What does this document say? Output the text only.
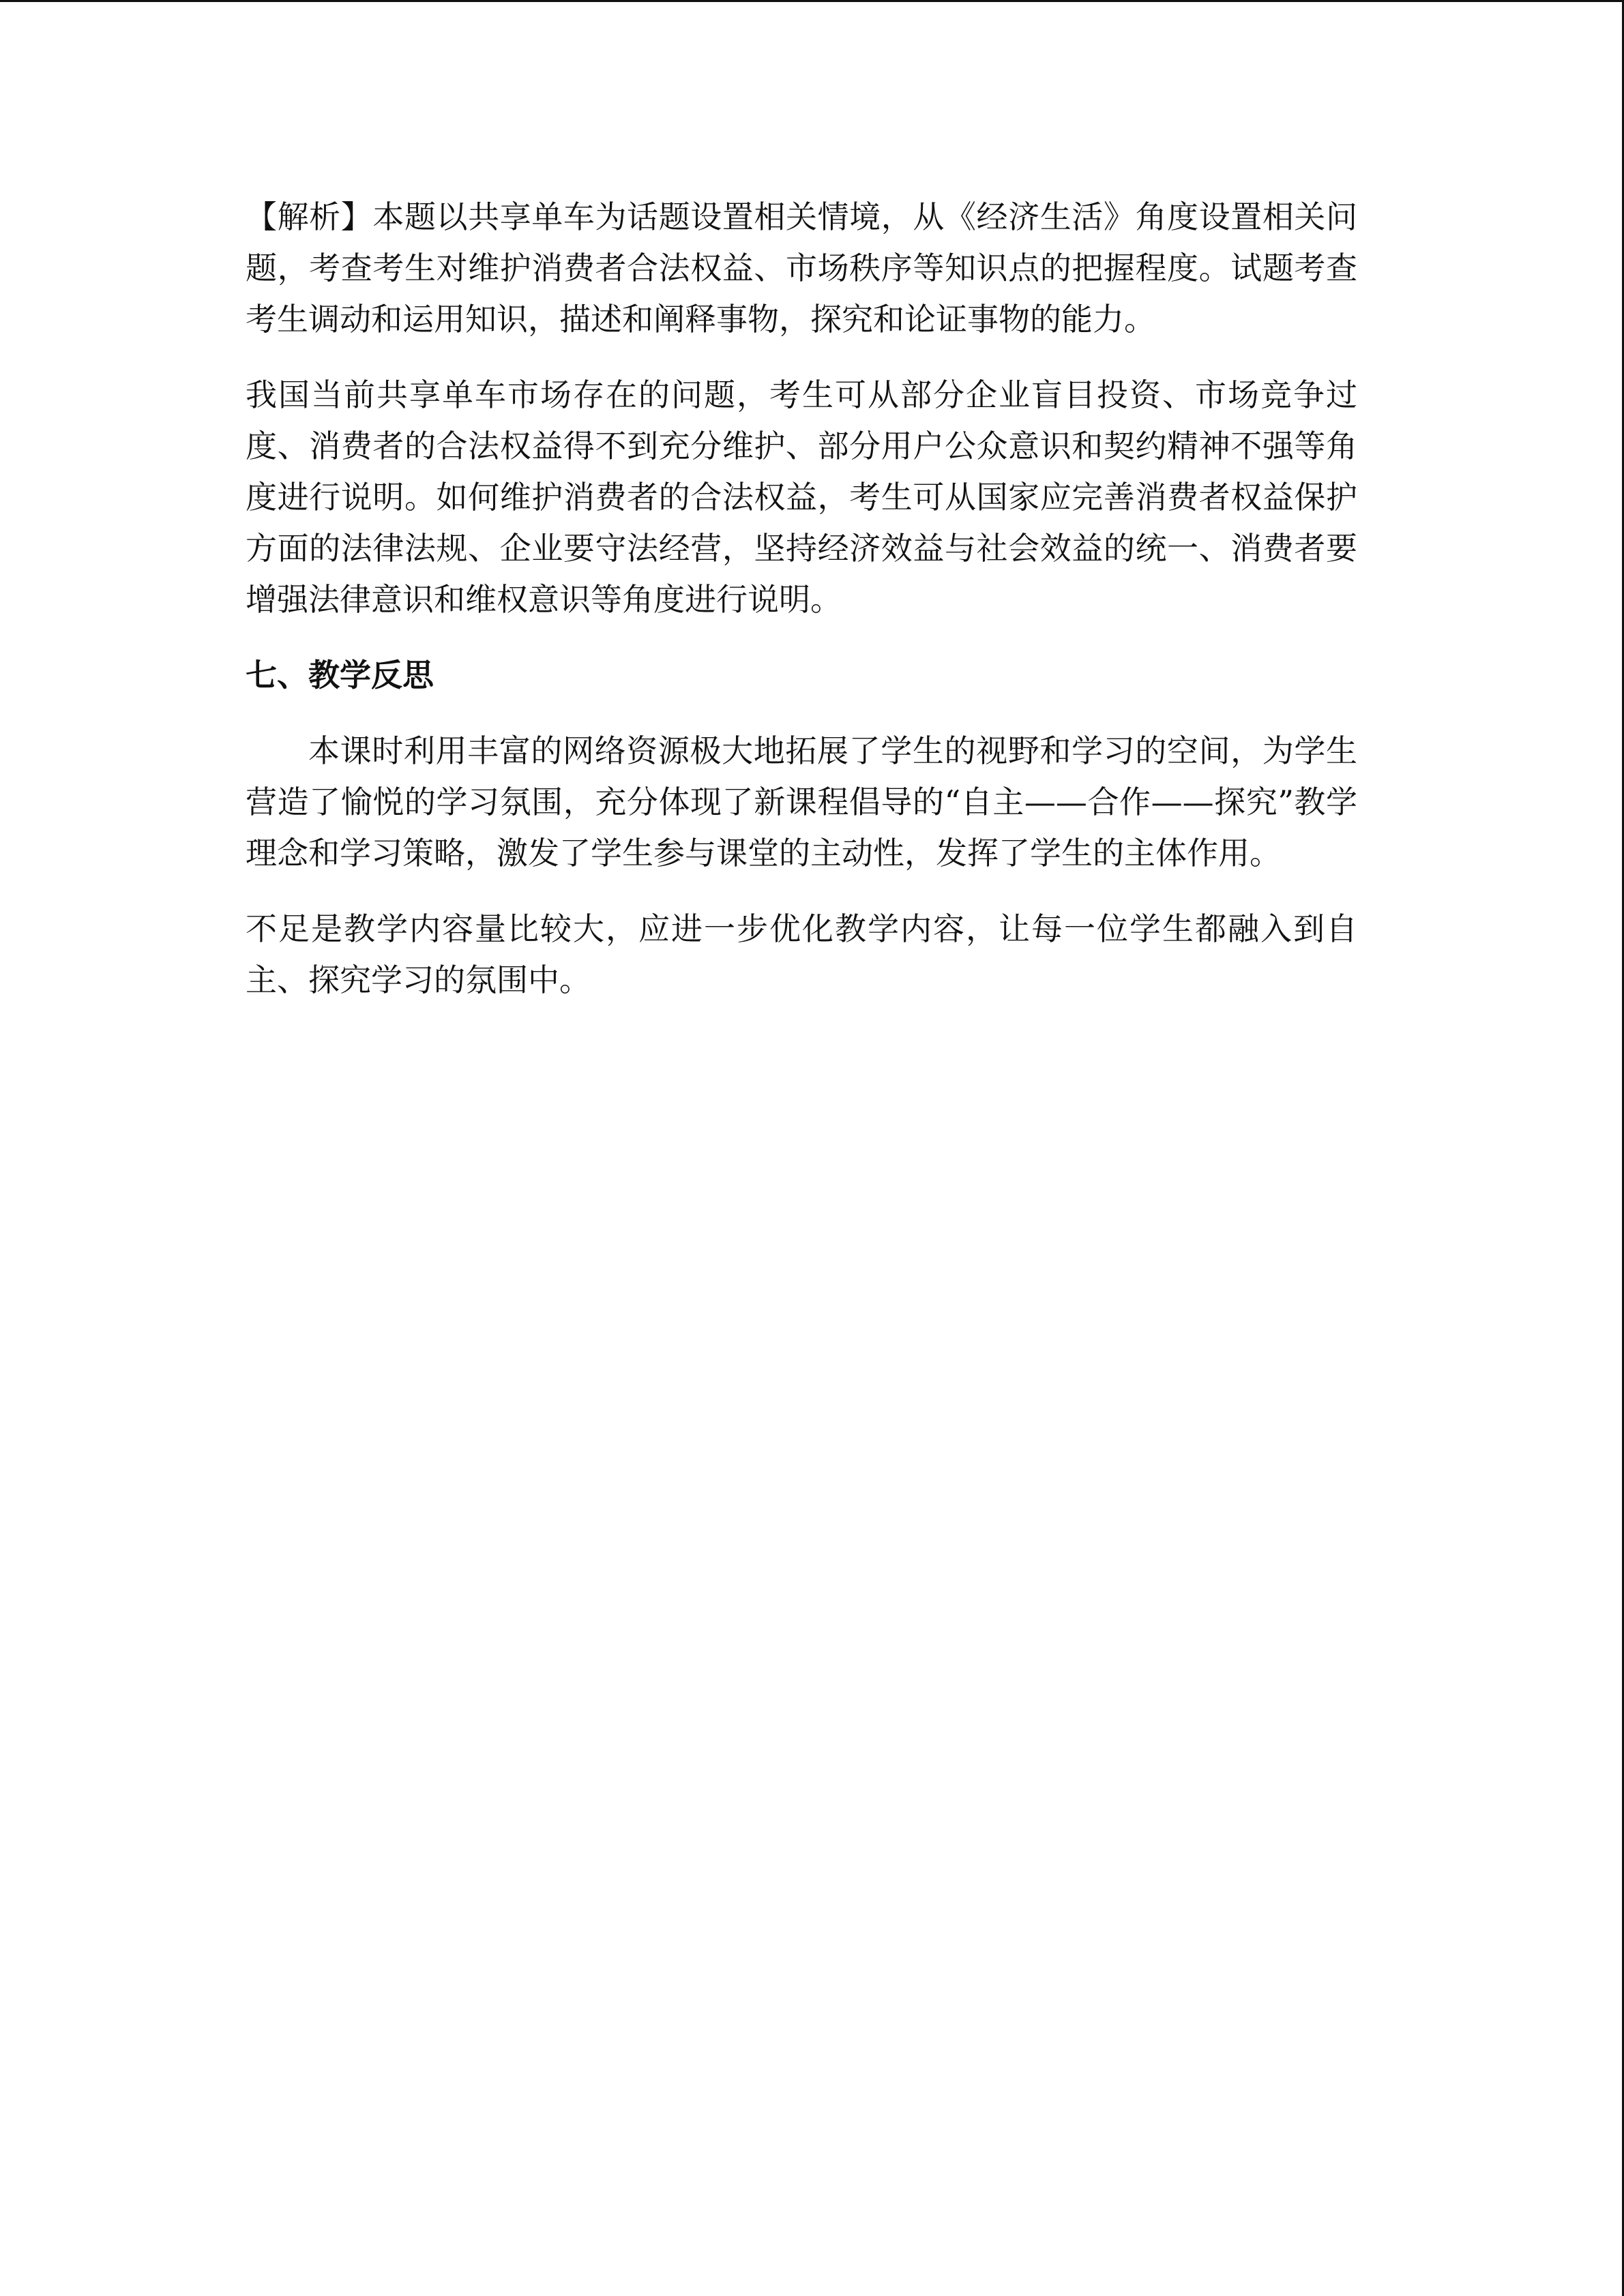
【解析】本题以共享单车为话题设置相关情境，从《经济生活》角度设置相关问题，考查考生对维护消费者合法权益、市场秩序等知识点的把握程度。试题考查考生调动和运用知识，描述和阐释事物，探究和论证事物的能力。

我国当前共享单车市场存在的问题，考生可从部分企业盲目投资、市场竞争过度、消费者的合法权益得不到充分维护、部分用户公众意识和契约精神不强等角度进行说明。如何维护消费者的合法权益，考生可从国家应完善消费者权益保护方面的法律法规、企业要守法经营，坚持经济效益与社会效益的统一、消费者要增强法律意识和维权意识等角度进行说明。

七、教学反思

本课时利用丰富的网络资源极大地拓展了学生的视野和学习的空间，为学生营造了愉悦的学习氛围，充分体现了新课程倡导的“自主——合作——探究”教学理念和学习策略，激发了学生参与课堂的主动性，发挥了学生的主体作用。

不足是教学内容量比较大，应进一步优化教学内容，让每一位学生都融入到自主、探究学习的氛围中。
